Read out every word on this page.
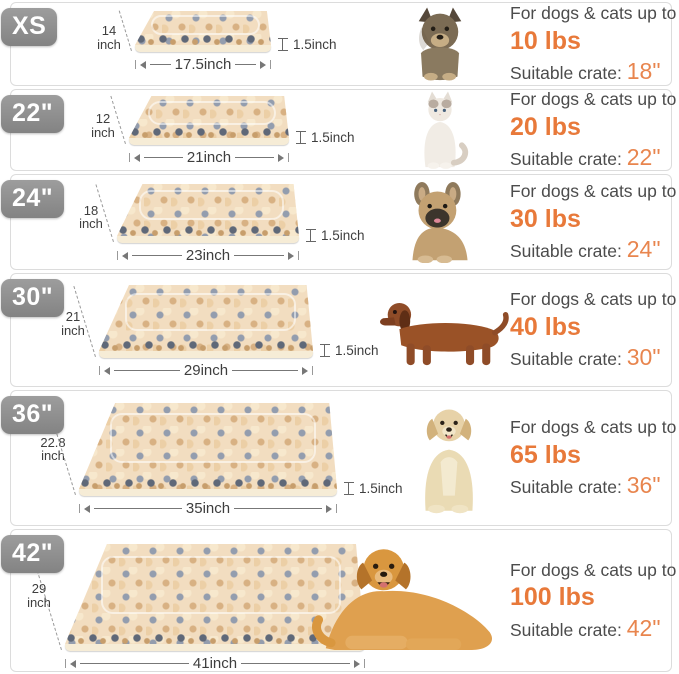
XS	14
inch	1.5inch
17.5inch
For dogs & cats up to
10 lbs
Suitable crate: 18"
22"	12
inch	1.5inch
21inch
For dogs & cats up to
20 lbs
Suitable crate: 22"
24"	18
inch
1.5inch
23inch
For dogs & cats up to
30 lbs
Suitable crate: 24"
30"
21
inch
1.5inch
29inch
For dogs & cats up to
40 lbs
Suitable crate: 30"
36"
22.8
inch
1.5inch
35inch
For dogs & cats up to
65 lbs
Suitable crate: 36"
42"
29
inch
41inch
For dogs & cats up to
100 lbs
Suitable crate: 42"
